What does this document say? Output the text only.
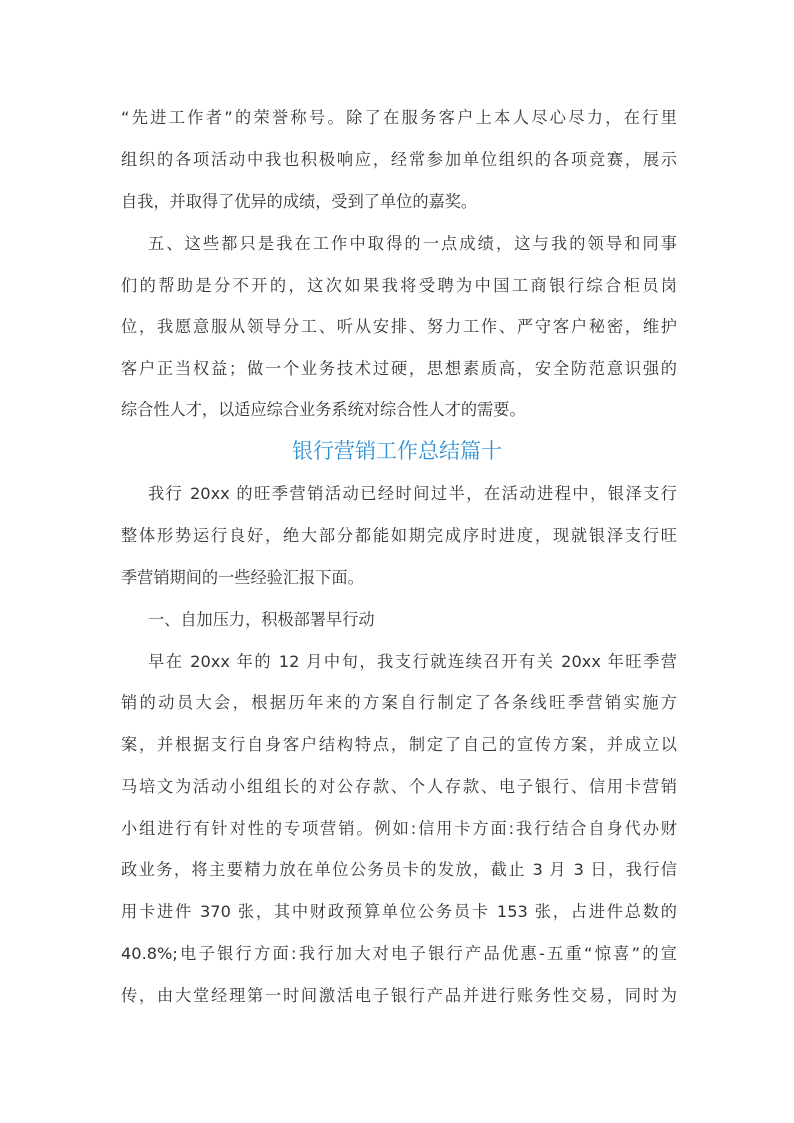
“先进工作者”的荣誉称号。除了在服务客户上本人尽心尽力，在行里
组织的各项活动中我也积极响应，经常参加单位组织的各项竞赛，展示
自我，并取得了优异的成绩，受到了单位的嘉奖。
五、这些都只是我在工作中取得的一点成绩，这与我的领导和同事
们的帮助是分不开的，这次如果我将受聘为中国工商银行综合柜员岗
位，我愿意服从领导分工、听从安排、努力工作、严守客户秘密，维护
客户正当权益；做一个业务技术过硬，思想素质高，安全防范意识强的
综合性人才，以适应综合业务系统对综合性人才的需要。
银行营销工作总结篇十
我行 20xx 的旺季营销活动已经时间过半，在活动进程中，银泽支行
整体形势运行良好，绝大部分都能如期完成序时进度，现就银泽支行旺
季营销期间的一些经验汇报下面。
一、自加压力，积极部署早行动
早在 20xx 年的 12 月中旬，我支行就连续召开有关 20xx 年旺季营
销的动员大会，根据历年来的方案自行制定了各条线旺季营销实施方
案，并根据支行自身客户结构特点，制定了自己的宣传方案，并成立以
马培文为活动小组组长的对公存款、个人存款、电子银行、信用卡营销
小组进行有针对性的专项营销。例如:信用卡方面:我行结合自身代办财
政业务，将主要精力放在单位公务员卡的发放，截止 3 月 3 日，我行信
用卡进件 370 张，其中财政预算单位公务员卡 153 张，占进件总数的
40.8%;电子银行方面:我行加大对电子银行产品优惠-五重“惊喜”的宣
传，由大堂经理第一时间激活电子银行产品并进行账务性交易，同时为
